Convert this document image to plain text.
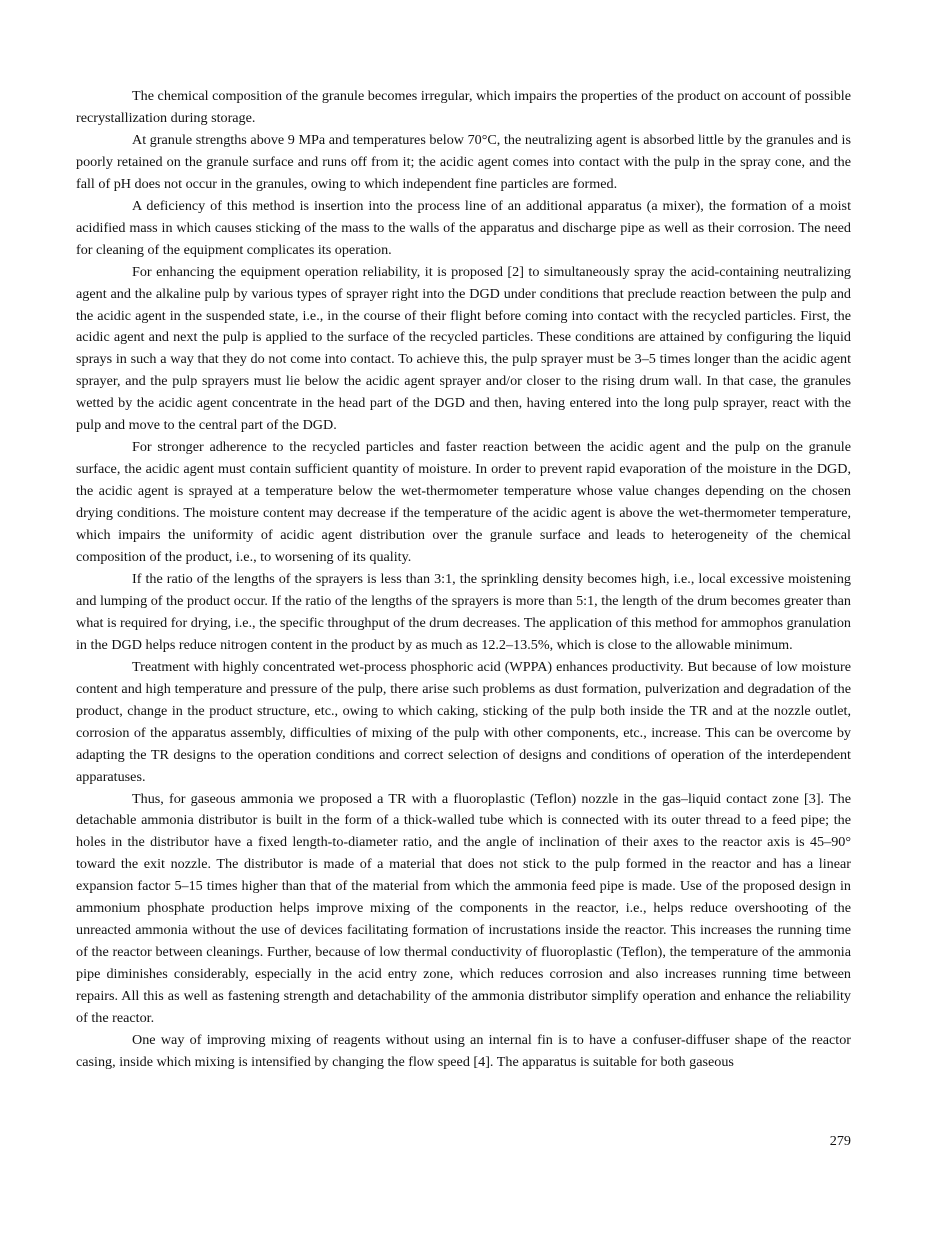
The chemical composition of the granule becomes irregular, which impairs the properties of the product on account of possible recrystallization during storage.

At granule strengths above 9 MPa and temperatures below 70°C, the neutralizing agent is absorbed little by the granules and is poorly retained on the granule surface and runs off from it; the acidic agent comes into contact with the pulp in the spray cone, and the fall of pH does not occur in the granules, owing to which independent fine particles are formed.

A deficiency of this method is insertion into the process line of an additional apparatus (a mixer), the formation of a moist acidified mass in which causes sticking of the mass to the walls of the apparatus and discharge pipe as well as their corrosion. The need for cleaning of the equipment complicates its operation.

For enhancing the equipment operation reliability, it is proposed [2] to simultaneously spray the acid-containing neutralizing agent and the alkaline pulp by various types of sprayer right into the DGD under conditions that preclude reaction between the pulp and the acidic agent in the suspended state, i.e., in the course of their flight before coming into contact with the recycled particles. First, the acidic agent and next the pulp is applied to the surface of the recycled particles. These conditions are attained by configuring the liquid sprays in such a way that they do not come into contact. To achieve this, the pulp sprayer must be 3–5 times longer than the acidic agent sprayer, and the pulp sprayers must lie below the acidic agent sprayer and/or closer to the rising drum wall. In that case, the granules wetted by the acidic agent concentrate in the head part of the DGD and then, having entered into the long pulp sprayer, react with the pulp and move to the central part of the DGD.

For stronger adherence to the recycled particles and faster reaction between the acidic agent and the pulp on the granule surface, the acidic agent must contain sufficient quantity of moisture. In order to prevent rapid evaporation of the moisture in the DGD, the acidic agent is sprayed at a temperature below the wet-thermometer temperature whose value changes depending on the chosen drying conditions. The moisture content may decrease if the temperature of the acidic agent is above the wet-thermometer temperature, which impairs the uniformity of acidic agent distribution over the granule surface and leads to heterogeneity of the chemical composition of the product, i.e., to worsening of its quality.

If the ratio of the lengths of the sprayers is less than 3:1, the sprinkling density becomes high, i.e., local excessive moistening and lumping of the product occur. If the ratio of the lengths of the sprayers is more than 5:1, the length of the drum becomes greater than what is required for drying, i.e., the specific throughput of the drum decreases. The application of this method for ammophos granulation in the DGD helps reduce nitrogen content in the product by as much as 12.2–13.5%, which is close to the allowable minimum.

Treatment with highly concentrated wet-process phosphoric acid (WPPA) enhances productivity. But because of low moisture content and high temperature and pressure of the pulp, there arise such problems as dust formation, pulverization and degradation of the product, change in the product structure, etc., owing to which caking, sticking of the pulp both inside the TR and at the nozzle outlet, corrosion of the apparatus assembly, difficulties of mixing of the pulp with other components, etc., increase. This can be overcome by adapting the TR designs to the operation conditions and correct selection of designs and conditions of operation of the interdependent apparatuses.

Thus, for gaseous ammonia we proposed a TR with a fluoroplastic (Teflon) nozzle in the gas–liquid contact zone [3]. The detachable ammonia distributor is built in the form of a thick-walled tube which is connected with its outer thread to a feed pipe; the holes in the distributor have a fixed length-to-diameter ratio, and the angle of inclination of their axes to the reactor axis is 45–90° toward the exit nozzle. The distributor is made of a material that does not stick to the pulp formed in the reactor and has a linear expansion factor 5–15 times higher than that of the material from which the ammonia feed pipe is made. Use of the proposed design in ammonium phosphate production helps improve mixing of the components in the reactor, i.e., helps reduce overshooting of the unreacted ammonia without the use of devices facilitating formation of incrustations inside the reactor. This increases the running time of the reactor between cleanings. Further, because of low thermal conductivity of fluoroplastic (Teflon), the temperature of the ammonia pipe diminishes considerably, especially in the acid entry zone, which reduces corrosion and also increases running time between repairs. All this as well as fastening strength and detachability of the ammonia distributor simplify operation and enhance the reliability of the reactor.

One way of improving mixing of reagents without using an internal fin is to have a confuser-diffuser shape of the reactor casing, inside which mixing is intensified by changing the flow speed [4]. The apparatus is suitable for both gaseous

279
